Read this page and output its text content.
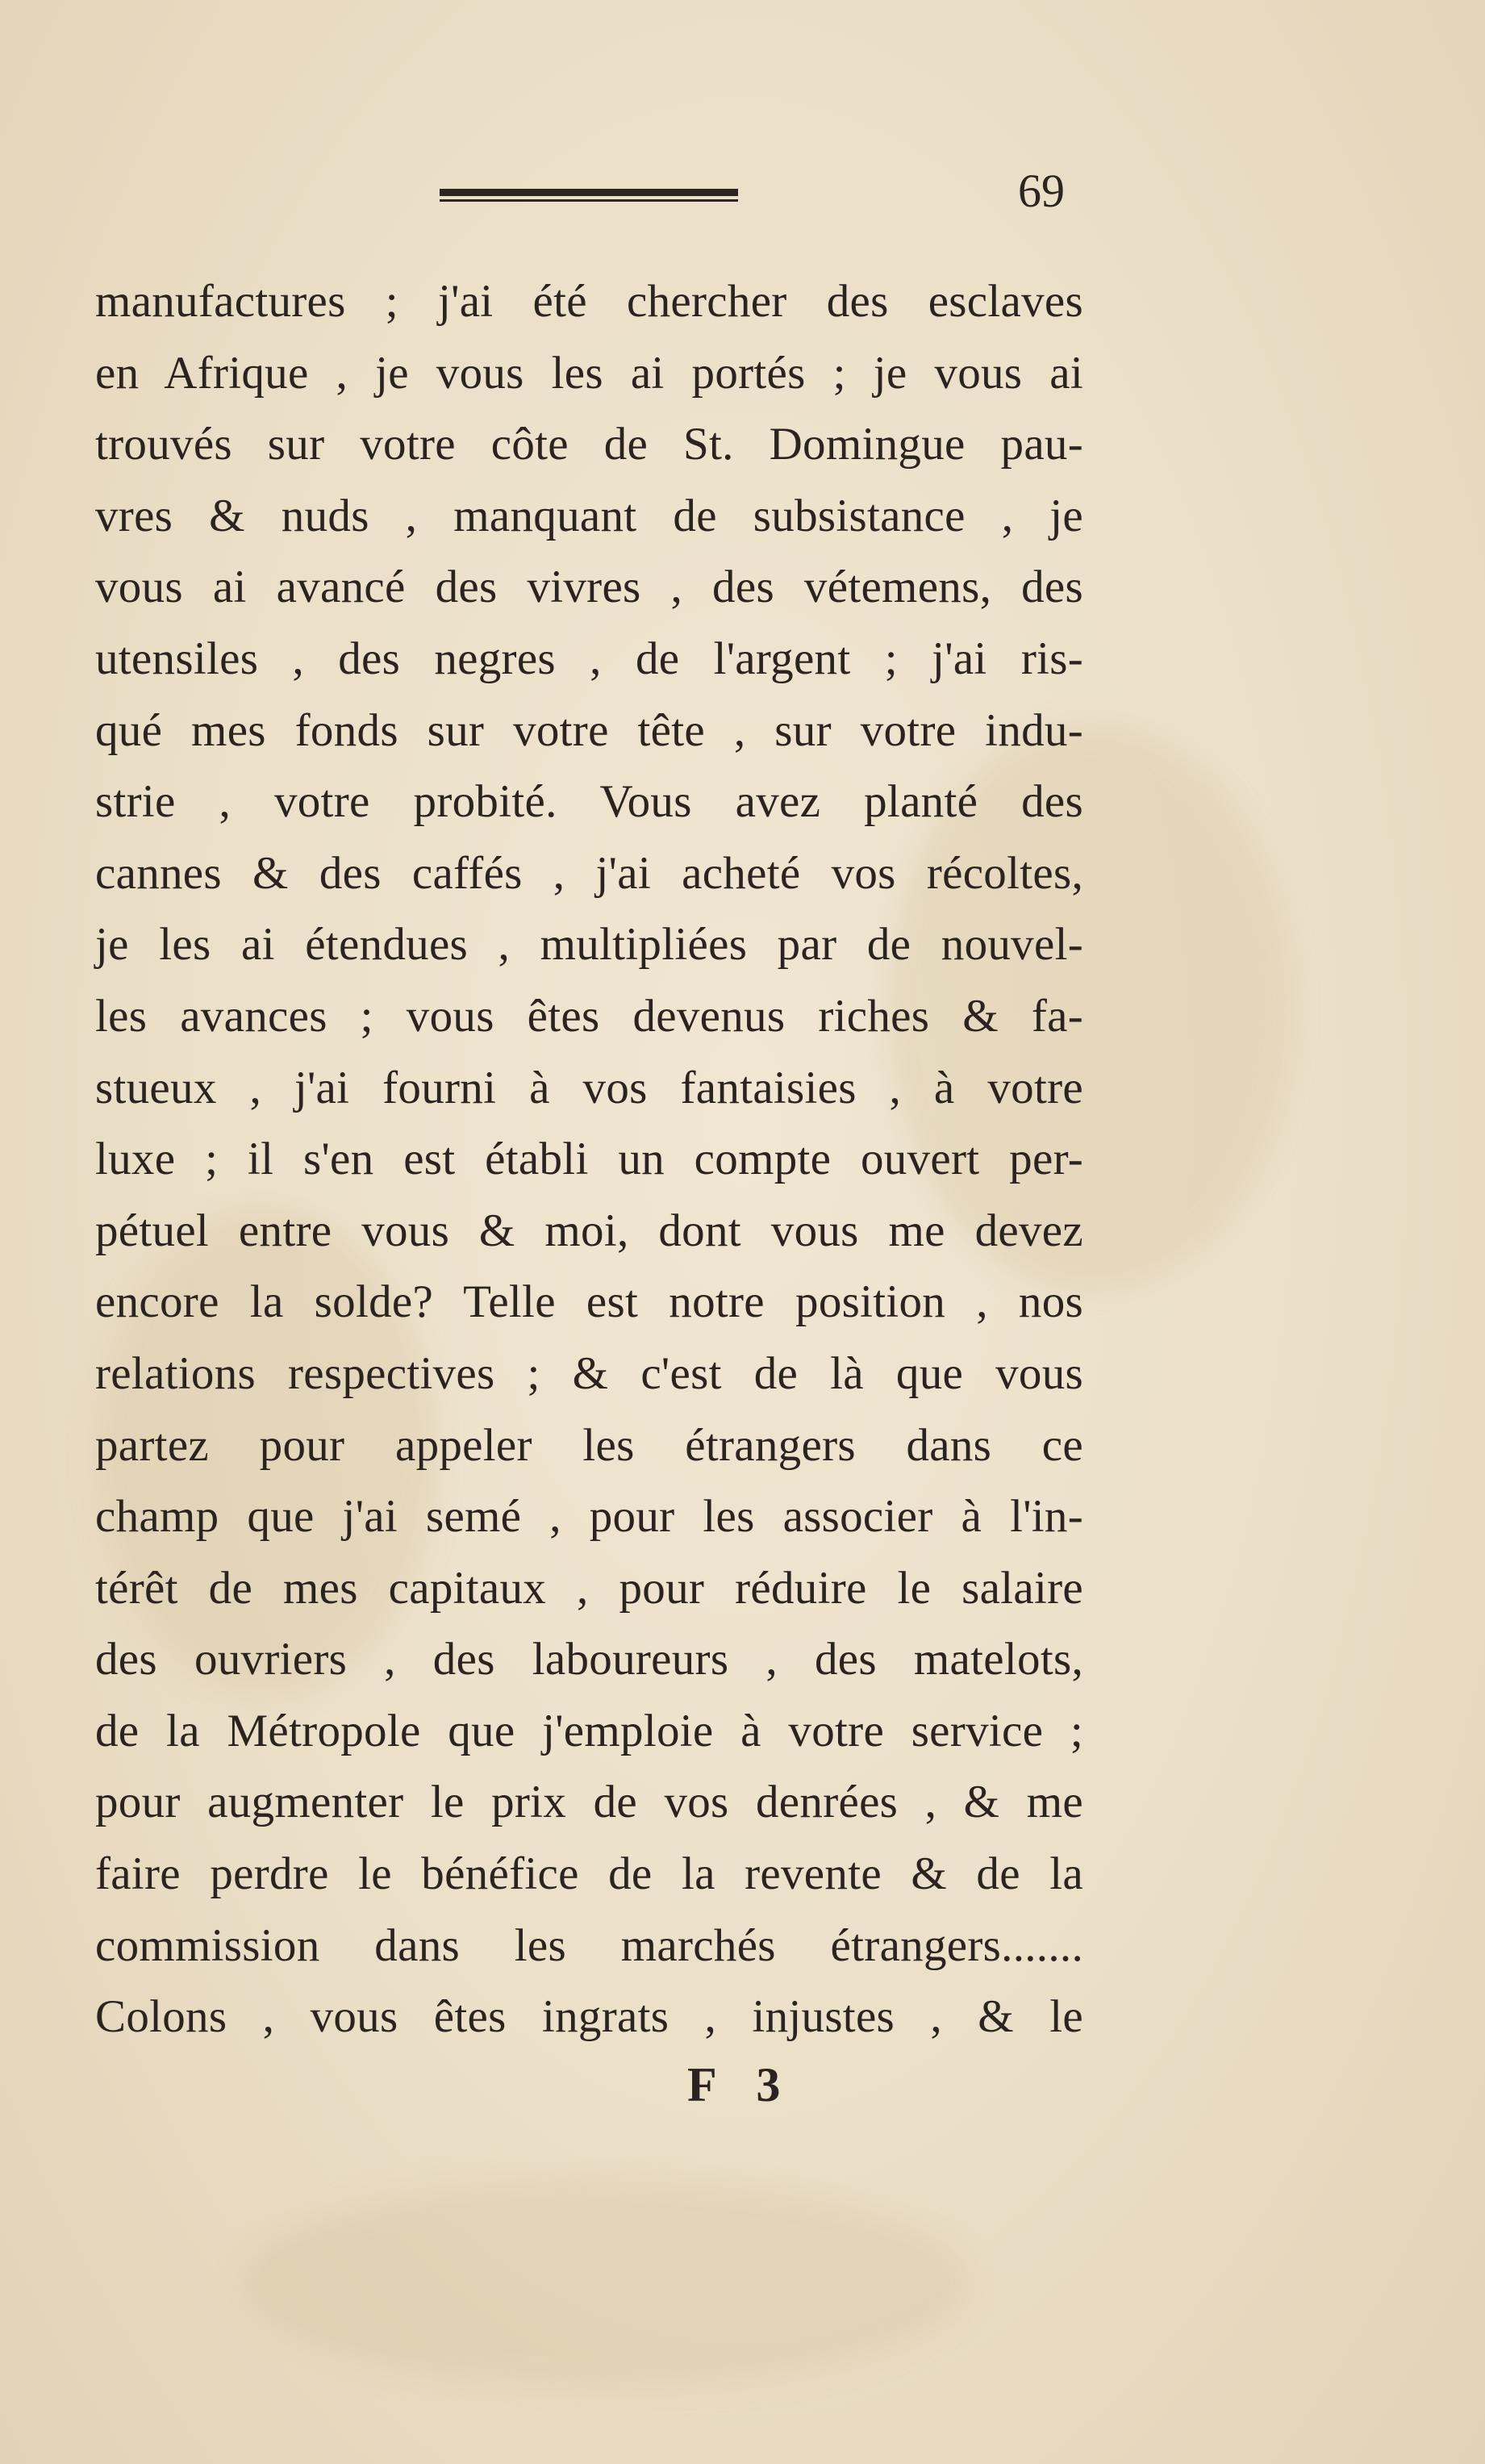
69
manufactures ; j'ai été chercher des esclaves
en Afrique , je vous les ai portés ; je vous ai
trouvés sur votre côte de St. Domingue pau-
vres & nuds , manquant de subsistance , je
vous ai avancé des vivres , des vétemens, des
utensiles , des negres , de l'argent ; j'ai ris-
qué mes fonds sur votre tête , sur votre indu-
strie , votre probité. Vous avez planté des
cannes & des caffés , j'ai acheté vos récoltes,
je les ai étendues , multipliées par de nouvel-
les avances ; vous êtes devenus riches & fa-
stueux , j'ai fourni à vos fantaisies , à votre
luxe ; il s'en est établi un compte ouvert per-
pétuel entre vous & moi, dont vous me devez
encore la solde? Telle est notre position , nos
relations respectives ; & c'est de là que vous
partez pour appeler les étrangers dans ce
champ que j'ai semé , pour les associer à l'in-
térêt de mes capitaux , pour réduire le salaire
des ouvriers , des laboureurs , des matelots,
de la Métropole que j'emploie à votre service ;
pour augmenter le prix de vos denrées , & me
faire perdre le bénéfice de la revente & de la
commission dans les marchés étrangers.......
Colons , vous êtes ingrats , injustes , & le
F 3
